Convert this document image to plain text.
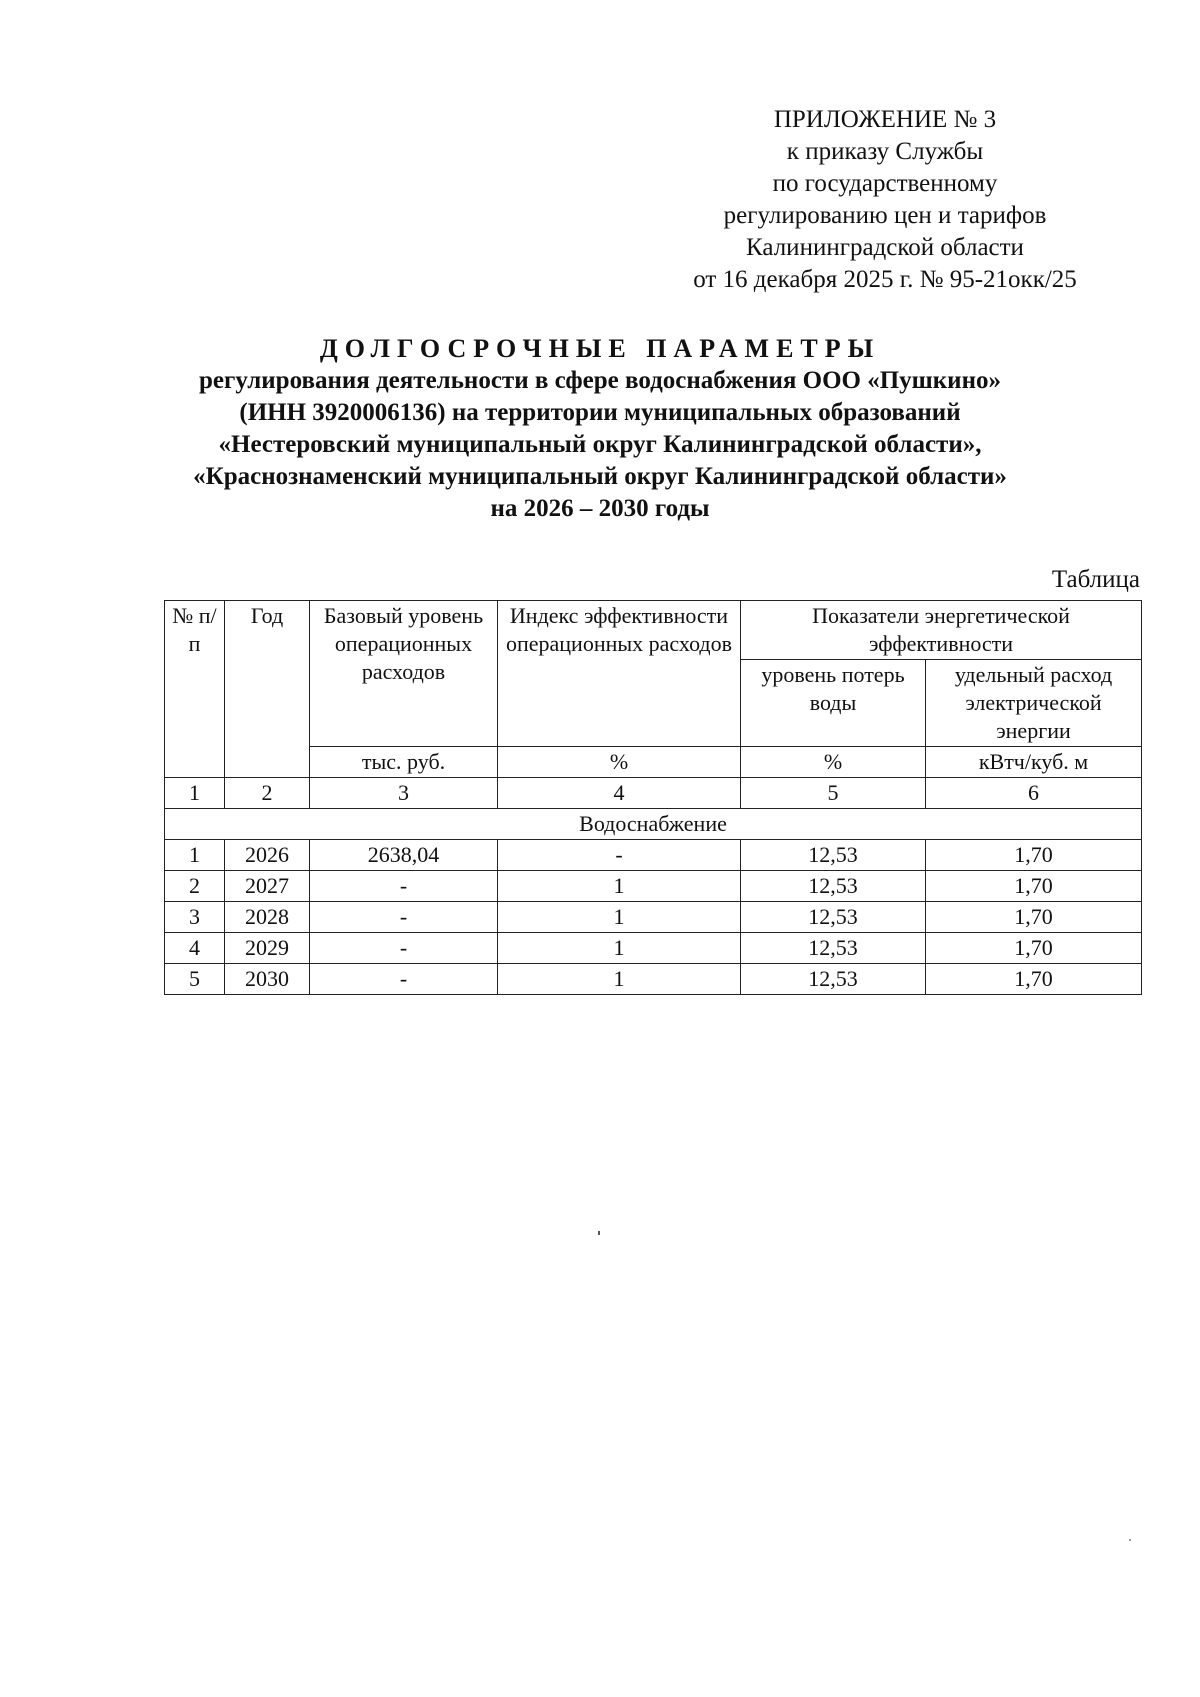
ПРИЛОЖЕНИЕ № 3
к приказу Службы
по государственному
регулированию цен и тарифов
Калининградской области
от 16 декабря 2025 г. № 95-21окк/25
ДОЛГОСРОЧНЫЕ ПАРАМЕТРЫ
регулирования деятельности в сфере водоснабжения ООО «Пушкино»
(ИНН 3920006136) на территории муниципальных образований
«Нестеровский муниципальный округ Калининградской области»,
«Краснознаменский муниципальный округ Калининградской области»
на 2026 – 2030 годы
Таблица
№ п/п	Год	Базовый уровень операционных расходов	Индекс эффективности операционных расходов	Показатели энергетической эффективности	
				уровень потерь воды	удельный расход электрической энергии
		тыс. руб.	%	%	кВтч/куб. м
1	2	3	4	5	6
Водоснабжение					
1	2026	2638,04	-	12,53	1,70
2	2027	-	1	12,53	1,70
3	2028	-	1	12,53	1,70
4	2029	-	1	12,53	1,70
5	2030	-	1	12,53	1,70
